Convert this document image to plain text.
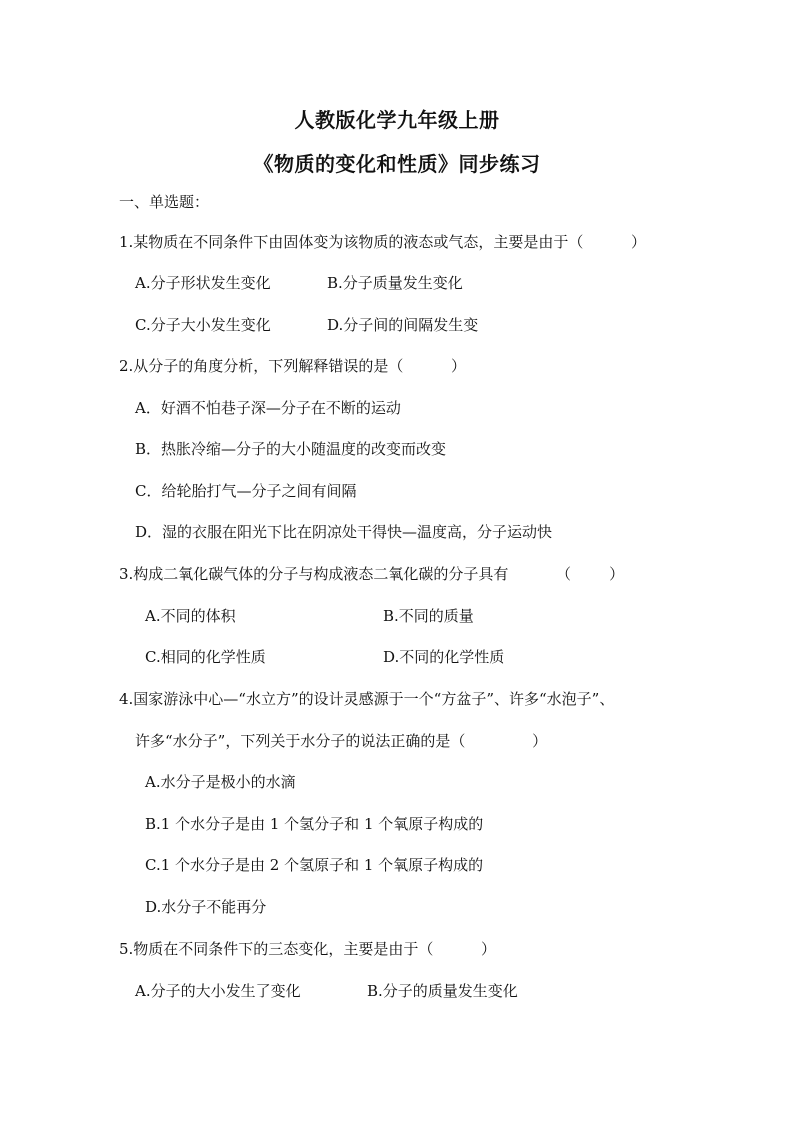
人教版化学九年级上册
《物质的变化和性质》同步练习
一、单选题：
1.某物质在不同条件下由固体变为该物质的液态或气态，主要是由于（          ）
A.分子形状发生变化	B.分子质量发生变化
C.分子大小发生变化	D.分子间的间隔发生变
2.从分子的角度分析，下列解释错误的是（          ）
A．好酒不怕巷子深—分子在不断的运动
B．热胀冷缩—分子的大小随温度的改变而改变
C．给轮胎打气—分子之间有间隔
D．湿的衣服在阳光下比在阴凉处干得快—温度高，分子运动快
3.构成二氧化碳气体的分子与构成液态二氧化碳的分子具有          （        ）
A.不同的体积	B.不同的质量
C.相同的化学性质	D.不同的化学性质
4.国家游泳中心—“水立方”的设计灵感源于一个“方盆子”、许多“水泡子”、
许多“水分子”，下列关于水分子的说法正确的是（              ）
A.水分子是极小的水滴
B.1 个水分子是由 1 个氢分子和 1 个氧原子构成的
C.1 个水分子是由 2 个氢原子和 1 个氧原子构成的
D.水分子不能再分
5.物质在不同条件下的三态变化，主要是由于（          ）
A.分子的大小发生了变化	B.分子的质量发生变化
